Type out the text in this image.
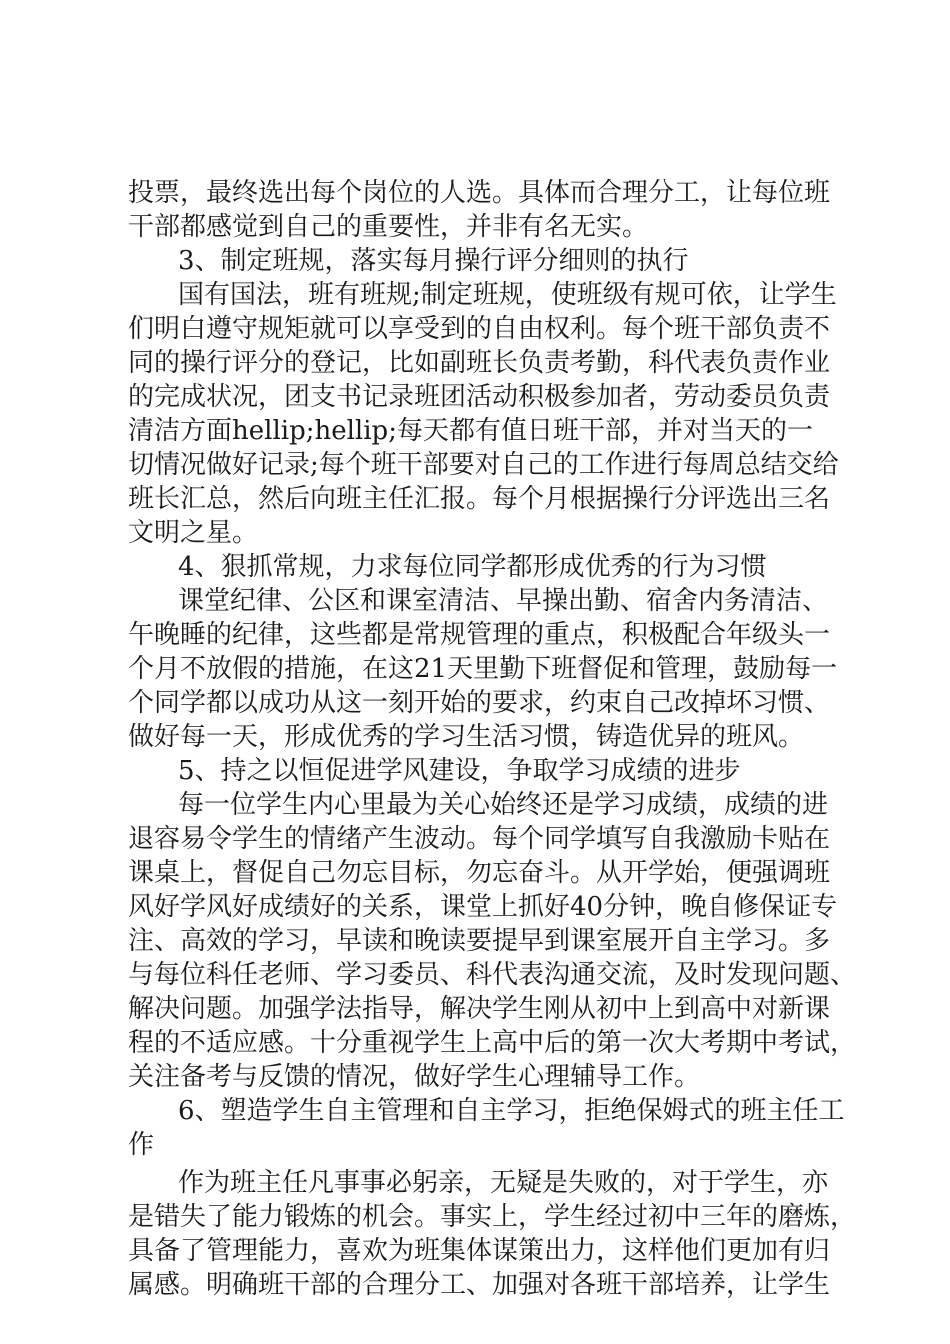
投票，最终选出每个岗位的人选。具体而合理分工，让每位班
干部都感觉到自己的重要性，并非有名无实。
3、制定班规，落实每月操行评分细则的执行
国有国法，班有班规;制定班规，使班级有规可依，让学生
们明白遵守规矩就可以享受到的自由权利。每个班干部负责不
同的操行评分的登记，比如副班长负责考勤，科代表负责作业
的完成状况，团支书记录班团活动积极参加者，劳动委员负责
清洁方面hellip;hellip;每天都有值日班干部，并对当天的一
切情况做好记录;每个班干部要对自己的工作进行每周总结交给
班长汇总，然后向班主任汇报。每个月根据操行分评选出三名
文明之星。
4、狠抓常规，力求每位同学都形成优秀的行为习惯
课堂纪律、公区和课室清洁、早操出勤、宿舍内务清洁、
午晚睡的纪律，这些都是常规管理的重点，积极配合年级头一
个月不放假的措施，在这21天里勤下班督促和管理，鼓励每一
个同学都以成功从这一刻开始的要求，约束自己改掉坏习惯、
做好每一天，形成优秀的学习生活习惯，铸造优异的班风。
5、持之以恒促进学风建设，争取学习成绩的进步
每一位学生内心里最为关心始终还是学习成绩，成绩的进
退容易令学生的情绪产生波动。每个同学填写自我激励卡贴在
课桌上，督促自己勿忘目标，勿忘奋斗。从开学始，便强调班
风好学风好成绩好的关系，课堂上抓好40分钟，晚自修保证专
注、高效的学习，早读和晚读要提早到课室展开自主学习。多
与每位科任老师、学习委员、科代表沟通交流，及时发现问题、
解决问题。加强学法指导，解决学生刚从初中上到高中对新课
程的不适应感。十分重视学生上高中后的第一次大考期中考试，
关注备考与反馈的情况，做好学生心理辅导工作。
6、塑造学生自主管理和自主学习，拒绝保姆式的班主任工
作
作为班主任凡事事必躬亲，无疑是失败的，对于学生，亦
是错失了能力锻炼的机会。事实上，学生经过初中三年的磨炼，
具备了管理能力，喜欢为班集体谋策出力，这样他们更加有归
属感。明确班干部的合理分工、加强对各班干部培养，让学生
